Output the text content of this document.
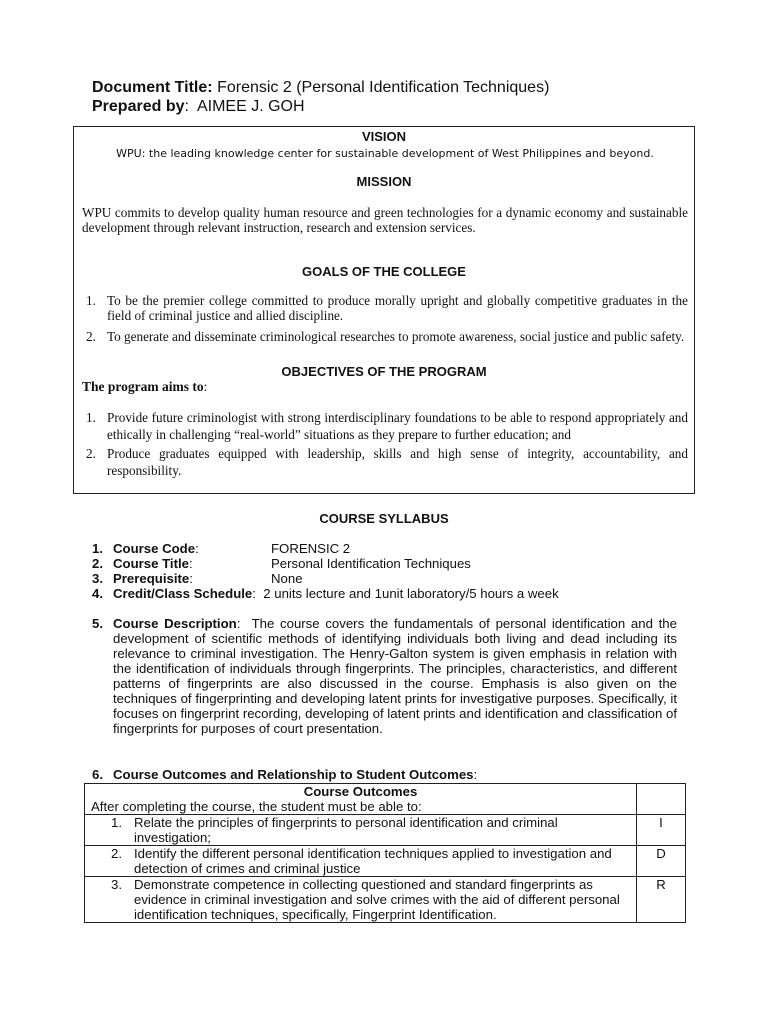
Document Title: Forensic 2 (Personal Identification Techniques)
Prepared by: AIMEE J. GOH
VISION
WPU: the leading knowledge center for sustainable development of West Philippines and beyond.
MISSION
WPU commits to develop quality human resource and green technologies for a dynamic economy and sustainable development through relevant instruction, research and extension services.
GOALS OF THE COLLEGE
1. To be the premier college committed to produce morally upright and globally competitive graduates in the field of criminal justice and allied discipline.
2. To generate and disseminate criminological researches to promote awareness, social justice and public safety.
OBJECTIVES OF THE PROGRAM
The program aims to:
1. Provide future criminologist with strong interdisciplinary foundations to be able to respond appropriately and ethically in challenging “real-world” situations as they prepare to further education; and
2. Produce graduates equipped with leadership, skills and high sense of integrity, accountability, and responsibility.
COURSE SYLLABUS
1. Course Code:	FORENSIC 2
2. Course Title:	Personal Identification Techniques
3. Prerequisite:	None
4. Credit/Class Schedule:  2 units lecture and 1unit laboratory/5 hours a week
5. Course Description:  The course covers the fundamentals of personal identification and the development of scientific methods of identifying individuals both living and dead including its relevance to criminal investigation. The Henry-Galton system is given emphasis in relation with the identification of individuals through fingerprints. The principles, characteristics, and different patterns of fingerprints are also discussed in the course. Emphasis is also given on the techniques of fingerprinting and developing latent prints for investigative purposes. Specifically, it focuses on fingerprint recording, developing of latent prints and identification and classification of fingerprints for purposes of court presentation.
6. Course Outcomes and Relationship to Student Outcomes:
Course Outcomes
After completing the course, the student must be able to:	

1. Relate the principles of fingerprints to personal identification and criminal investigation;	I

2. Identify the different personal identification techniques applied to investigation and detection of crimes and criminal justice	D

3. Demonstrate competence in collecting questioned and standard fingerprints as evidence in criminal investigation and solve crimes with the aid of different personal identification techniques, specifically, Fingerprint Identification.	R
